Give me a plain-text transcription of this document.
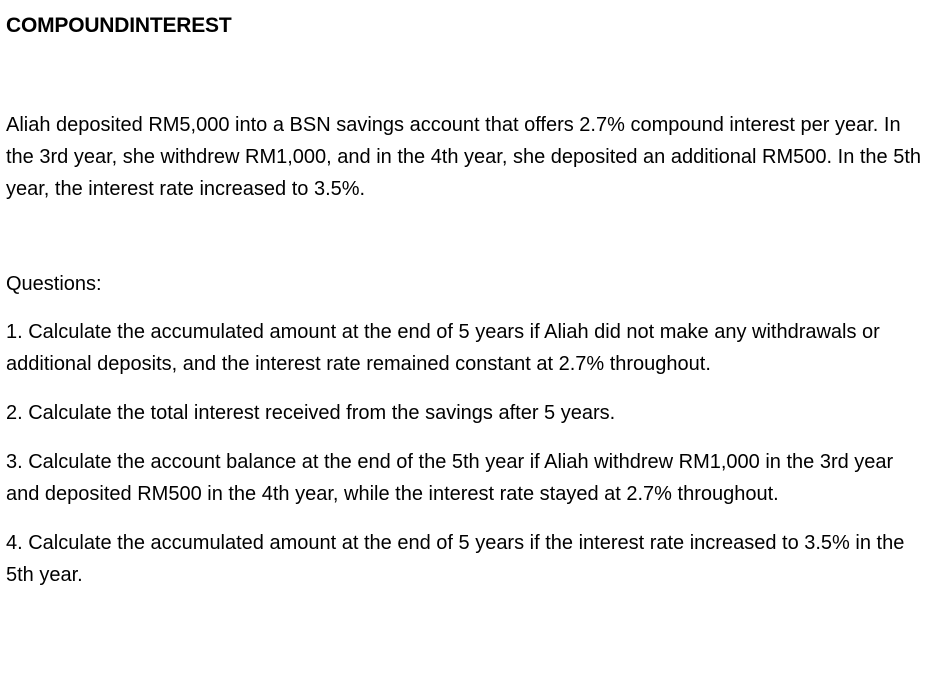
COMPOUNDINTEREST

Aliah deposited RM5,000 into a BSN savings account that offers 2.7% compound interest per year. In the 3rd year, she withdrew RM1,000, and in the 4th year, she deposited an additional RM500. In the 5th year, the interest rate increased to 3.5%.

Questions:

1. Calculate the accumulated amount at the end of 5 years if Aliah did not make any withdrawals or additional deposits, and the interest rate remained constant at 2.7% throughout.
2. Calculate the total interest received from the savings after 5 years.
3. Calculate the account balance at the end of the 5th year if Aliah withdrew RM1,000 in the 3rd year and deposited RM500 in the 4th year, while the interest rate stayed at 2.7% throughout.
4. Calculate the accumulated amount at the end of 5 years if the interest rate increased to 3.5% in the 5th year.
